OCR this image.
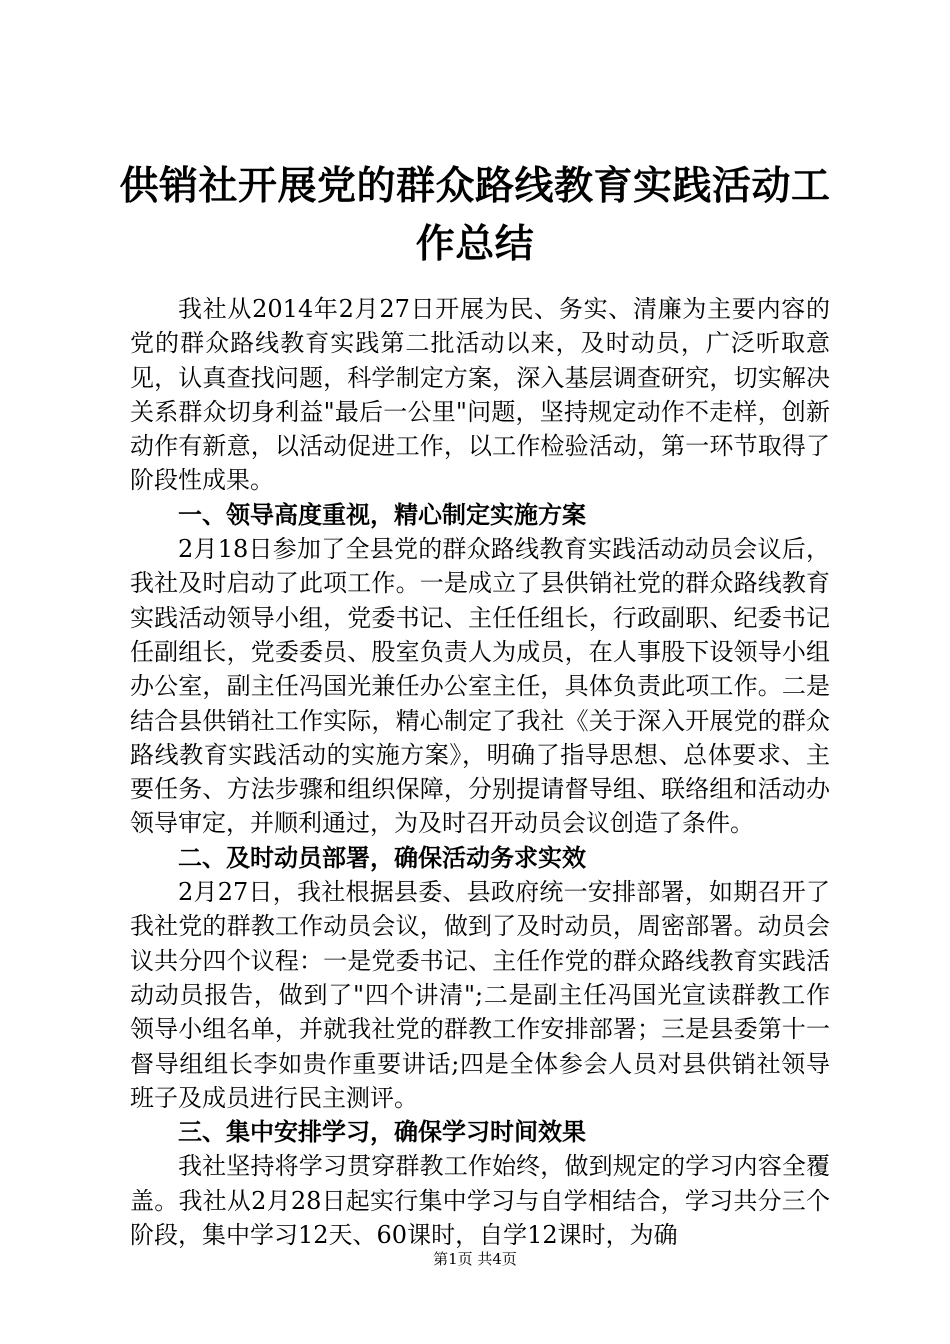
供销社开展党的群众路线教育实践活动工作总结

我社从2014年2月27日开展为民、务实、清廉为主要内容的党的群众路线教育实践第二批活动以来，及时动员，广泛听取意见，认真查找问题，科学制定方案，深入基层调查研究，切实解决关系群众切身利益"最后一公里"问题，坚持规定动作不走样，创新动作有新意，以活动促进工作，以工作检验活动，第一环节取得了阶段性成果。

一、领导高度重视，精心制定实施方案

2月18日参加了全县党的群众路线教育实践活动动员会议后，我社及时启动了此项工作。一是成立了县供销社党的群众路线教育实践活动领导小组，党委书记、主任任组长，行政副职、纪委书记任副组长，党委委员、股室负责人为成员，在人事股下设领导小组办公室，副主任冯国光兼任办公室主任，具体负责此项工作。二是结合县供销社工作实际，精心制定了我社《关于深入开展党的群众路线教育实践活动的实施方案》，明确了指导思想、总体要求、主要任务、方法步骤和组织保障，分别提请督导组、联络组和活动办领导审定，并顺利通过，为及时召开动员会议创造了条件。

二、及时动员部署，确保活动务求实效

2月27日，我社根据县委、县政府统一安排部署，如期召开了我社党的群教工作动员会议，做到了及时动员，周密部署。动员会议共分四个议程：一是党委书记、主任作党的群众路线教育实践活动动员报告，做到了"四个讲清";二是副主任冯国光宣读群教工作领导小组名单，并就我社党的群教工作安排部署；三是县委第十一督导组组长李如贵作重要讲话;四是全体参会人员对县供销社领导班子及成员进行民主测评。

三、集中安排学习，确保学习时间效果

我社坚持将学习贯穿群教工作始终，做到规定的学习内容全覆盖。我社从2月28日起实行集中学习与自学相结合，学习共分三个阶段，集中学习12天、60课时，自学12课时，为确

第1页 共4页
